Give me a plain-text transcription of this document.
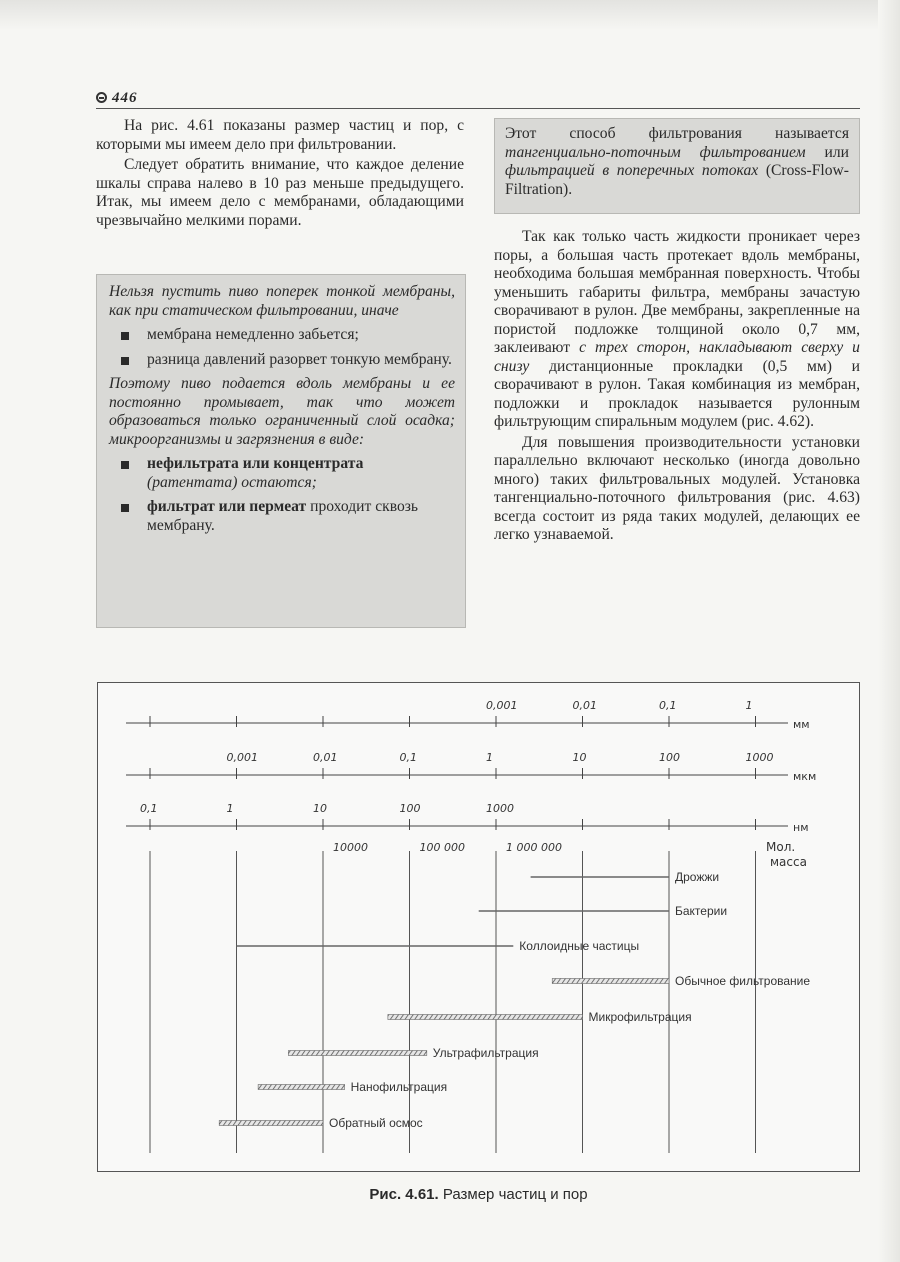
446

На рис. 4.61 показаны размер частиц и пор, с которыми мы имеем дело при фильтровании.

Следует обратить внимание, что каждое деление шкалы справа налево в 10 раз меньше предыдущего. Итак, мы имеем дело с мембранами, обладающими чрезвычайно мелкими порами.

Нельзя пустить пиво поперек тонкой мембраны, как при статическом фильтровании, иначе

мембрана немедленно забьется;
разница давлений разорвет тонкую мембрану.

Поэтому пиво подается вдоль мембраны и ее постоянно промывает, так что может образоваться только ограниченный слой осадка; микроорганизмы и загрязнения в виде:

нефильтрата или концентрата (ратентата) остаются;
фильтрат или пермеат проходит сквозь мембрану.

Этот способ фильтрования называется тангенциально-поточным фильтрованием или фильтрацией в поперечных потоках (Cross-Flow-Filtration).

Так как только часть жидкости проникает через поры, а большая часть протекает вдоль мембраны, необходима большая мембранная поверхность. Чтобы уменьшить габариты фильтра, мембраны зачастую сворачивают в рулон. Две мембраны, закрепленные на пористой подложке толщиной около 0,7 мм, заклеивают с трех сторон, накладывают сверху и снизу дистанционные прокладки (0,5 мм) и сворачивают в рулон. Такая комбинация из мембран, подложки и прокладок называется рулонным фильтрующим спиральным модулем (рис. 4.62).

Для повышения производительности установки параллельно включают несколько (иногда довольно много) таких фильтровальных модулей. Установка тангенциально-поточного фильтрования (рис. 4.63) всегда состоит из ряда таких модулей, делающих ее легко узнаваемой.

0,001	0,01	0,1	1
мм
0,001	0,01	0,1	1	10	100	1000
мкм
0,1	1	10	100	1000
нм
Мол.
масса
10000	100 000	1 000 000
Дрожжи
Бактерии
Коллоидные частицы
Обычное фильтрование
Микрофильтрация
Ультрафильтрация
Нанофильтрация
Обратный осмос
Рис. 4.61. Размер частиц и пор
